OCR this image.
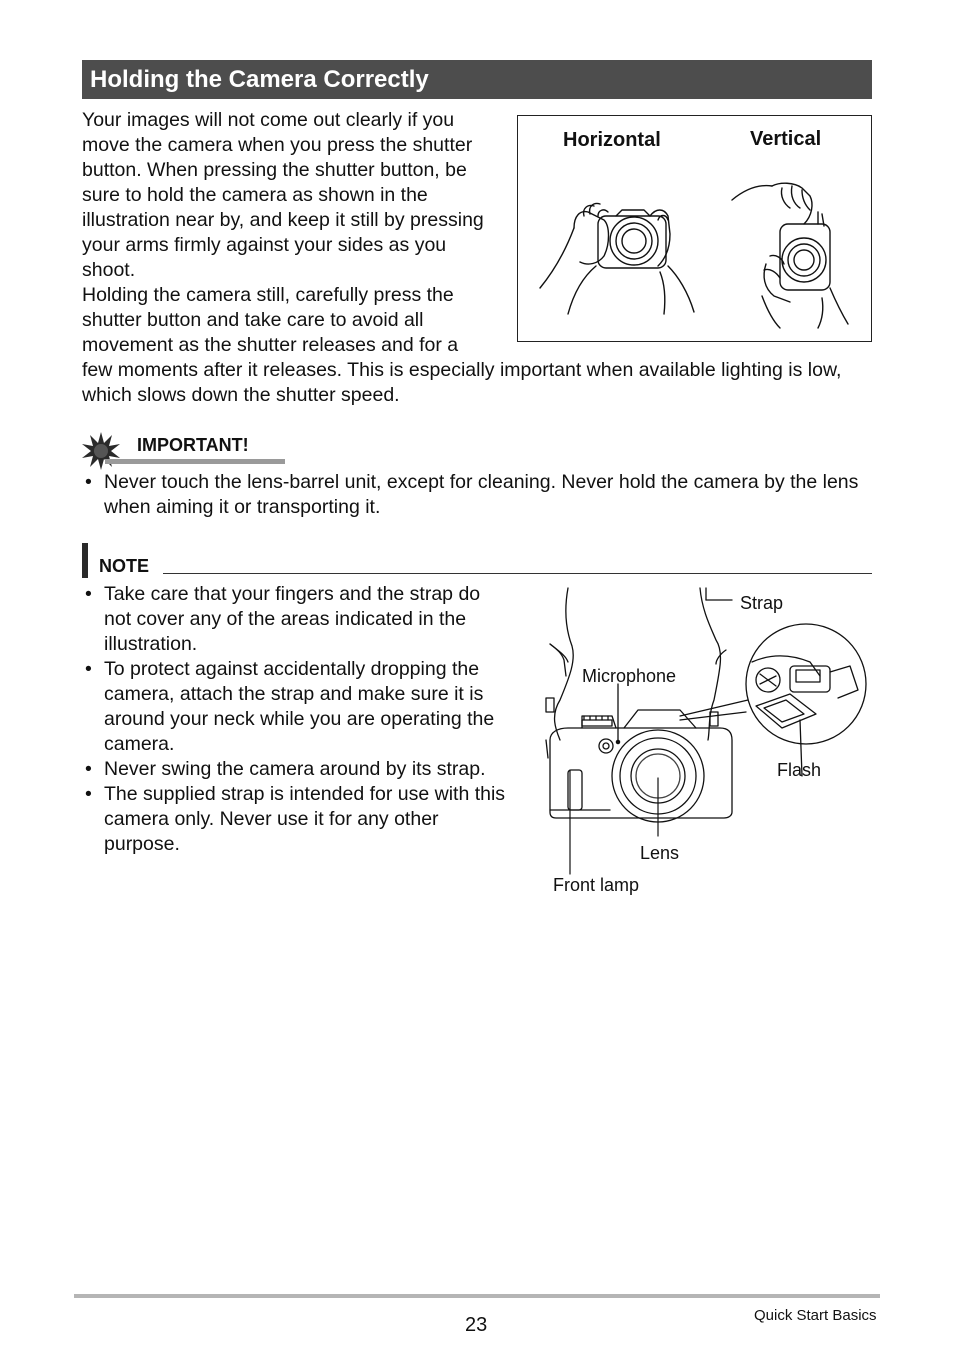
Holding the Camera Correctly
Your images will not come out clearly if you move the camera when you press the shutter button. When pressing the shutter button, be sure to hold the camera as shown in the illustration near by, and keep it still by pressing your arms firmly against your sides as you shoot.
Holding the camera still, carefully press the shutter button and take care to avoid all movement as the shutter releases and for a
few moments after it releases. This is especially important when available lighting is low, which slows down the shutter speed.
Horizontal	Vertical
IMPORTANT!
• Never touch the lens-barrel unit, except for cleaning. Never hold the camera by the lens when aiming it or transporting it.
NOTE
• Take care that your fingers and the strap do not cover any of the areas indicated in the illustration.
• To protect against accidentally dropping the camera, attach the strap and make sure it is around your neck while you are operating the camera.
• Never swing the camera around by its strap.
• The supplied strap is intended for use with this camera only. Never use it for any other purpose.
Strap
Microphone
Flash
Lens
Front lamp
23	Quick Start Basics
